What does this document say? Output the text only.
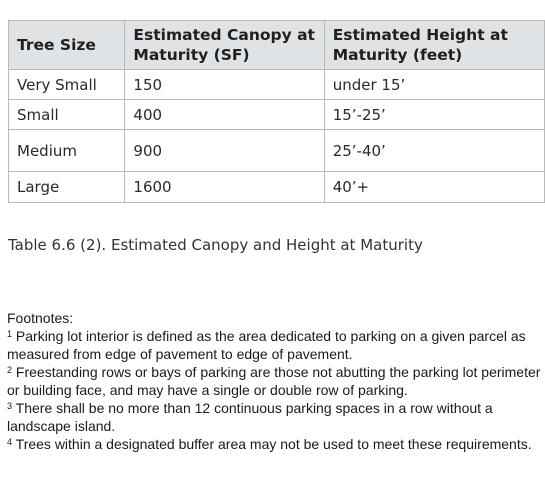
Tree Size	Estimated Canopy at Maturity (SF)	Estimated Height at Maturity (feet)
Very Small	150	under 15’
Small	400	15’-25’
Medium	900	25’-40’
Large	1600	40’+

Table 6.6 (2). Estimated Canopy and Height at Maturity

Footnotes:

$^1$ Parking lot interior is defined as the area dedicated to parking on a given parcel as measured from edge of pavement to edge of pavement.

$^2$ Freestanding rows or bays of parking are those not abutting the parking lot perimeter or building face, and may have a single or double row of parking.

$^3$ There shall be no more than 12 continuous parking spaces in a row without a landscape island.

$^4$ Trees within a designated buffer area may not be used to meet these requirements.
